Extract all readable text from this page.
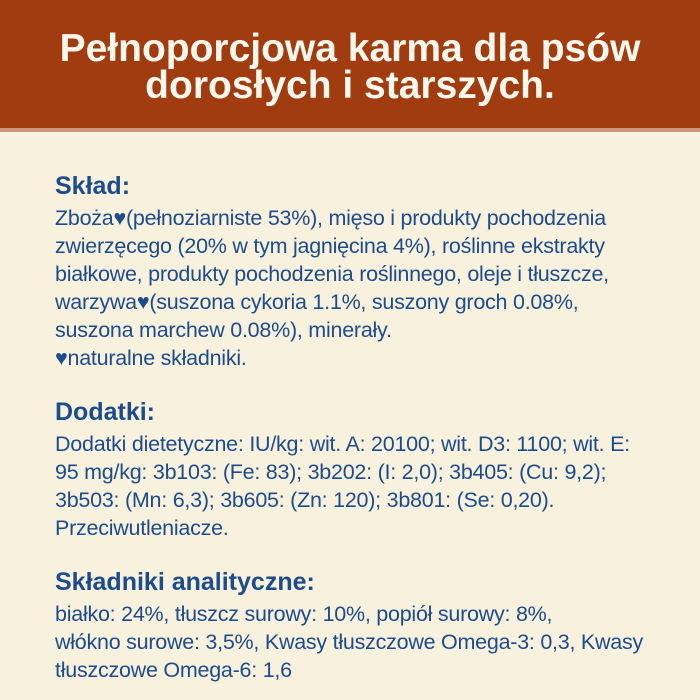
Pełnoporcjowa karma dla psów
dorosłych i starszych.
Skład:
Zboża♥(pełnoziarniste 53%), mięso i produkty pochodzenia
zwierzęcego (20% w tym jagnięcina 4%), roślinne ekstrakty
białkowe, produkty pochodzenia roślinnego, oleje i tłuszcze,
warzywa♥(suszona cykoria 1.1%, suszony groch 0.08%,
suszona marchew 0.08%), minerały.
♥naturalne składniki.
Dodatki:
Dodatki dietetyczne: IU/kg: wit. A: 20100; wit. D3: 1100; wit. E:
95 mg/kg: 3b103: (Fe: 83); 3b202: (I: 2,0); 3b405: (Cu: 9,2);
3b503: (Mn: 6,3); 3b605: (Zn: 120); 3b801: (Se: 0,20).
Przeciwutleniacze.
Składniki analityczne:
białko: 24%, tłuszcz surowy: 10%, popiół surowy: 8%,
włókno surowe: 3,5%, Kwasy tłuszczowe Omega-3: 0,3, Kwasy
tłuszczowe Omega-6: 1,6
